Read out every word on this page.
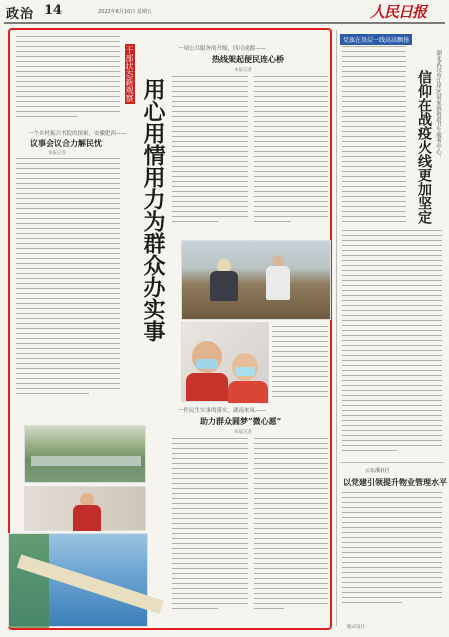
政治 14	2022年6月10日 星期五	人民日报
干部状态新观察
用心用情用力为群众办实事
一个乡村振兴书院的探索，安徽肥西——
议事会议合力解民忧
本报记者
一项公共服务的升级，四川成都——
热线架起便民连心桥
本报记者
一件民生实事的落实，湖南来凤——
助力群众圆梦“微心愿”
本报记者
党旗在基层一线高高飘扬
湖北武汉市江岸区谌家矶街道卫生服务中心：
信仰在战疫火线更加坚定
云东溪社区
以党建引领提升物业管理水平
版式设计：
